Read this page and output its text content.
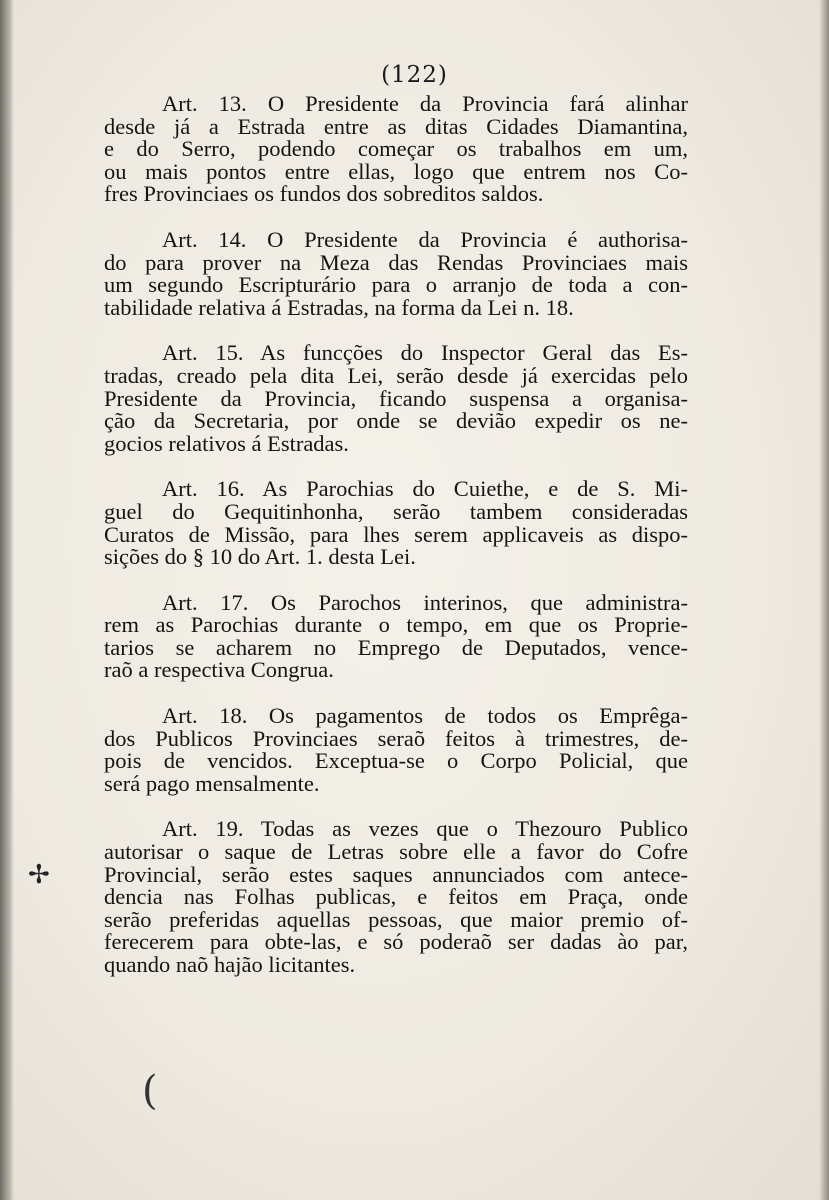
(122)
✢
(
Art. 13. O Presidente da Provincia fará alinhar
desde já a Estrada entre as ditas Cidades Diamantina,
e do Serro, podendo começar os trabalhos em um,
ou mais pontos entre ellas, logo que entrem nos Co-
fres Provinciaes os fundos dos sobreditos saldos.
Art. 14. O Presidente da Provincia é authorisa-
do para prover na Meza das Rendas Provinciaes mais
um segundo Escripturário para o arranjo de toda a con-
tabilidade relativa á Estradas, na forma da Lei n. 18.
Art. 15. As funcções do Inspector Geral das Es-
tradas, creado pela dita Lei, serão desde já exercidas pelo
Presidente da Provincia, ficando suspensa a organisa-
ção da Secretaria, por onde se devião expedir os ne-
gocios relativos á Estradas.
Art. 16. As Parochias do Cuiethe, e de S. Mi-
guel do Gequitinhonha, serão tambem consideradas
Curatos de Missão, para lhes serem applicaveis as dispo-
sições do § 10 do Art. 1. desta Lei.
Art. 17. Os Parochos interinos, que administra-
rem as Parochias durante o tempo, em que os Proprie-
tarios se acharem no Emprego de Deputados, vence-
raõ a respectiva Congrua.
Art. 18. Os pagamentos de todos os Emprêga-
dos Publicos Provinciaes seraõ feitos à trimestres, de-
pois de vencidos. Exceptua-se o Corpo Policial, que
será pago mensalmente.
Art. 19. Todas as vezes que o Thezouro Publico
autorisar o saque de Letras sobre elle a favor do Cofre
Provincial, serão estes saques annunciados com antece-
dencia nas Folhas publicas, e feitos em Praça, onde
serão preferidas aquellas pessoas, que maior premio of-
ferecerem para obte-las, e só poderaõ ser dadas ào par,
quando naõ hajão licitantes.
